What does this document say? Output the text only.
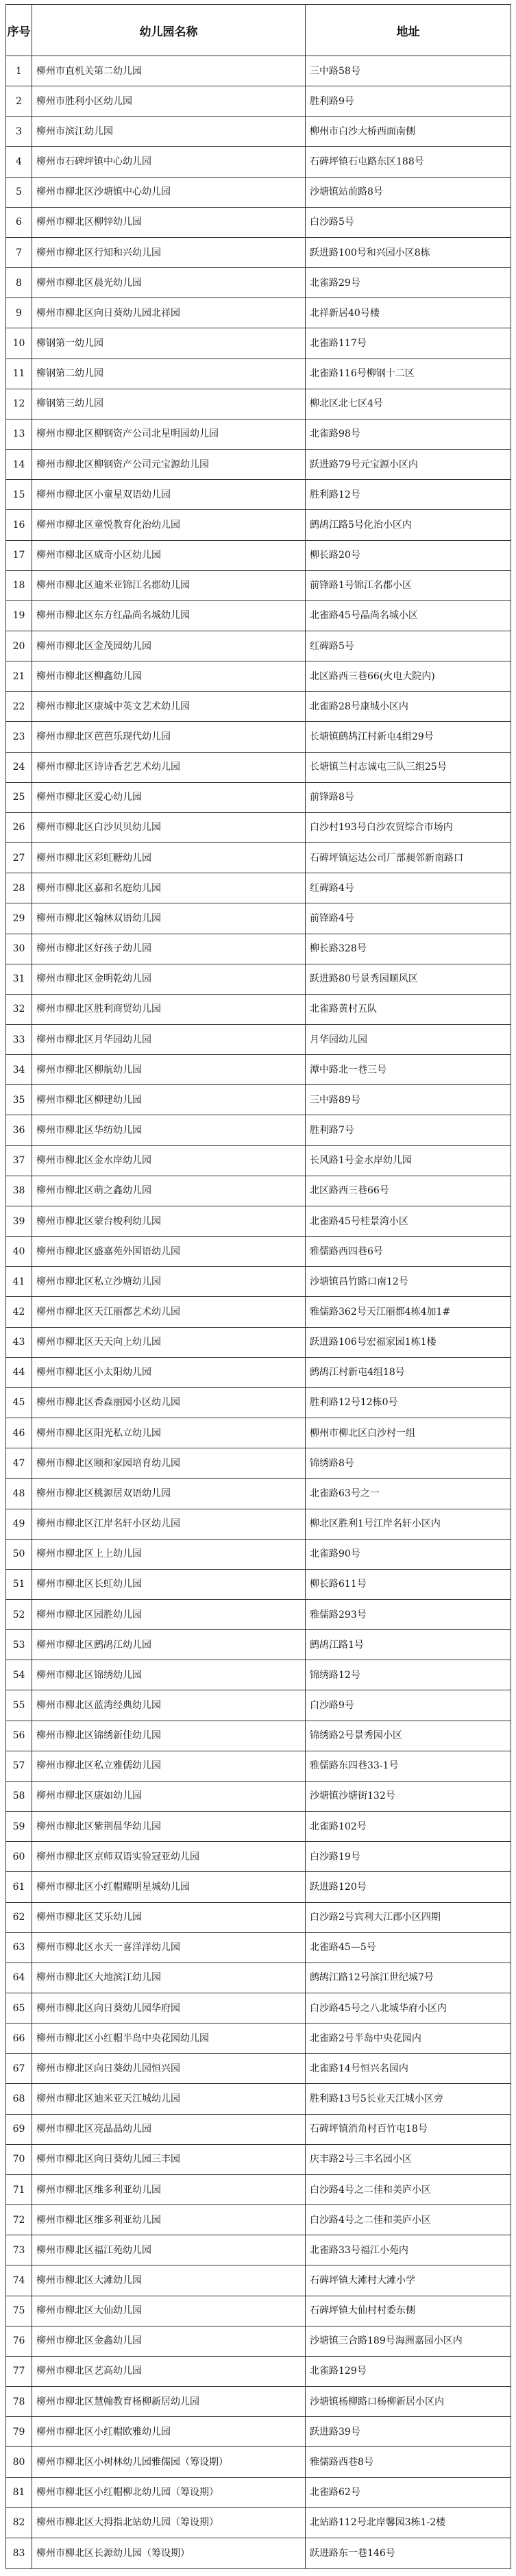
序号	幼儿园名称	地址
1	柳州市直机关第二幼儿园	三中路58号
2	柳州市胜利小区幼儿园	胜利路9号
3	柳州市滨江幼儿园	柳州市白沙大桥西面南侧
4	柳州市石碑坪镇中心幼儿园	石碑坪镇石屯路东区188号
5	柳州市柳北区沙塘镇中心幼儿园	沙塘镇站前路8号
6	柳州市柳北区柳锌幼儿园	白沙路5号
7	柳州市柳北区行知和兴幼儿园	跃进路100号和兴园小区8栋
8	柳州市柳北区晨光幼儿园	北雀路29号
9	柳州市柳北区向日葵幼儿园北祥园	北祥新居40号楼
10	柳钢第一幼儿园	北雀路117号
11	柳钢第二幼儿园	北雀路116号柳钢十二区
12	柳钢第三幼儿园	柳北区北七区4号
13	柳州市柳北区柳钢资产公司北星明园幼儿园	北雀路98号
14	柳州市柳北区柳钢资产公司元宝源幼儿园	跃进路79号元宝源小区内
15	柳州市柳北区小童星双语幼儿园	胜利路12号
16	柳州市柳北区童悦教育化治幼儿园	鹧鸪江路5号化治小区内
17	柳州市柳北区威奇小区幼儿园	柳长路20号
18	柳州市柳北区迪米亚锦江名郡幼儿园	前锋路1号锦江名郡小区
19	柳州市柳北区东方红晶尚名城幼儿园	北雀路45号晶尚名城小区
20	柳州市柳北区金茂园幼儿园	红碑路5号
21	柳州市柳北区柳鑫幼儿园	北区路西三巷66(火电大院内)
22	柳州市柳北区康城中英文艺术幼儿园	北雀路28号康城小区内
23	柳州市柳北区芭芭乐现代幼儿园	长塘镇鹧鸪江村新屯4组29号
24	柳州市柳北区诗诗香艺艺术幼儿园	长塘镇兰村志诚屯三队三组25号
25	柳州市柳北区爱心幼儿园	前锋路8号
26	柳州市柳北区白沙贝贝幼儿园	白沙村193号白沙农贸综合市场内
27	柳州市柳北区彩虹糖幼儿园	石碑坪镇运达公司厂部昶邻新南路口
28	柳州市柳北区嘉和名庭幼儿园	红碑路4号
29	柳州市柳北区翰林双语幼儿园	前锋路4号
30	柳州市柳北区好孩子幼儿园	柳长路328号
31	柳州市柳北区金明乾幼儿园	跃进路80号景秀园顺风区
32	柳州市柳北区胜利商贸幼儿园	北雀路黄村五队
33	柳州市柳北区月华园幼儿园	月华园幼儿园
34	柳州市柳北区柳航幼儿园	潭中路北一巷三号
35	柳州市柳北区柳建幼儿园	三中路89号
36	柳州市柳北区华纺幼儿园	胜利路7号
37	柳州市柳北区金水岸幼儿园	长风路1号金水岸幼儿园
38	柳州市柳北区萌之鑫幼儿园	北区路西三巷66号
39	柳州市柳北区蒙台梭利幼儿园	北雀路45号桂景湾小区
40	柳州市柳北区盛嘉苑外国语幼儿园	雅儒路西四巷6号
41	柳州市柳北区私立沙塘幼儿园	沙塘镇昌竹路口南12号
42	柳州市柳北区天江丽都艺术幼儿园	雅儒路362号天江丽都4栋4加1#
43	柳州市柳北区天天向上幼儿园	跃进路106号宏福家园1栋1楼
44	柳州市柳北区小太阳幼儿园	鹧鸪江村新屯4组18号
45	柳州市柳北区香森丽园小区幼儿园	胜利路12号12栋0号
46	柳州市柳北区阳光私立幼儿园	柳州市柳北区白沙村一组
47	柳州市柳北区颐和家园培育幼儿园	锦绣路8号
48	柳州市柳北区桃源居双语幼儿园	北雀路63号之一
49	柳州市柳北区江岸名轩小区幼儿园	柳北区胜利1号江岸名轩小区内
50	柳州市柳北区上上幼儿园	北雀路90号
51	柳州市柳北区长虹幼儿园	柳长路611号
52	柳州市柳北区园胜幼儿园	雅儒路293号
53	柳州市柳北区鹧鸪江幼儿园	鹧鸪江路1号
54	柳州市柳北区锦绣幼儿园	锦绣路12号
55	柳州市柳北区蓝湾经典幼儿园	白沙路9号
56	柳州市柳北区锦绣新佳幼儿园	锦绣路2号景秀园小区
57	柳州市柳北区私立雅儒幼儿园	雅儒路东四巷33-1号
58	柳州市柳北区康如幼儿园	沙塘镇沙塘街132号
59	柳州市柳北区紫荆晨华幼儿园	北雀路102号
60	柳州市柳北区京师双语实验冠亚幼儿园	白沙路19号
61	柳州市柳北区小红帽耀明星城幼儿园	跃进路120号
62	柳州市柳北区艾乐幼儿园	白沙路2号宾利大江郡小区四期
63	柳州市柳北区水天一喜洋洋幼儿园	北雀路45—5号
64	柳州市柳北区大地滨江幼儿园	鹧鸪江路12号滨江世纪城7号
65	柳州市柳北区向日葵幼儿园华府园	白沙路45号之八北城华府小区内
66	柳州市柳北区小红帽半岛中央花园幼儿园	北雀路2号半岛中央花园内
67	柳州市柳北区向日葵幼儿园恒兴园	北雀路14号恒兴名园内
68	柳州市柳北区迪米亚天江城幼儿园	胜利路13号5长业天江城小区旁
69	柳州市柳北区亮晶晶幼儿园	石碑坪镇消角村百竹屯18号
70	柳州市柳北区向日葵幼儿园三丰园	庆丰路2号三丰名园小区
71	柳州市柳北区维多利亚幼儿园	白沙路4号之二佳和美庐小区
72	柳州市柳北区维多利亚幼儿园	白沙路4号之二佳和美庐小区
73	柳州市柳北区福江苑幼儿园	北雀路33号福江小苑内
74	柳州市柳北区大滩幼儿园	石碑坪镇大滩村大滩小学
75	柳州市柳北区大仙幼儿园	石碑坪镇大仙村村委东侧
76	柳州市柳北区金鑫幼儿园	沙塘镇三合路189号海洲嘉园小区内
77	柳州市柳北区艺高幼儿园	北雀路129号
78	柳州市柳北区慧翰教育杨柳新居幼儿园	沙塘镇杨柳路口杨柳新居小区内
79	柳州市柳北区小红帽欧雅幼儿园	跃进路39号
80	柳州市柳北区小树林幼儿园雅儒园（筹设期）	雅儒路西巷8号
81	柳州市柳北区小红帽柳北幼儿园（筹设期）	北雀路62号
82	柳州市柳北区大拇指北站幼儿园（筹设期）	北站路112号北岸馨园3栋1-2楼
83	柳州市柳北区长源幼儿园（筹设期）	跃进路东一巷146号
